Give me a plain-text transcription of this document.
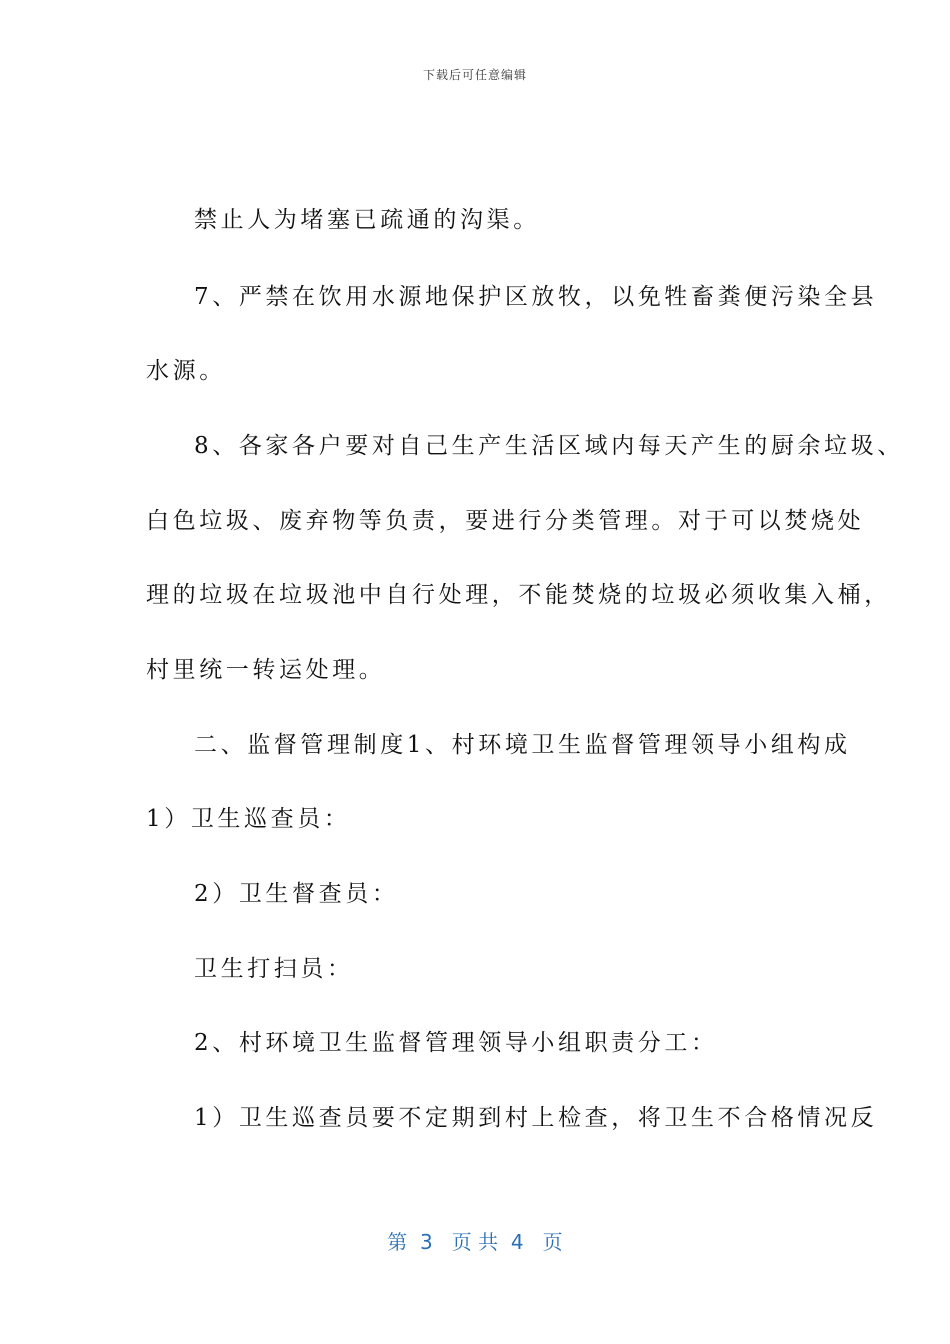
下载后可任意编辑
禁止人为堵塞已疏通的沟渠。
7、严禁在饮用水源地保护区放牧，以免牲畜粪便污染全县
水源。
8、各家各户要对自己生产生活区域内每天产生的厨余垃圾、
白色垃圾、废弃物等负责，要进行分类管理。对于可以焚烧处
理的垃圾在垃圾池中自行处理，不能焚烧的垃圾必须收集入桶，
村里统一转运处理。
二、监督管理制度1、村环境卫生监督管理领导小组构成
1）卫生巡查员：
2）卫生督查员：
卫生打扫员：
2、村环境卫生监督管理领导小组职责分工：
1）卫生巡查员要不定期到村上检查，将卫生不合格情况反
第  3   页 共  4   页
